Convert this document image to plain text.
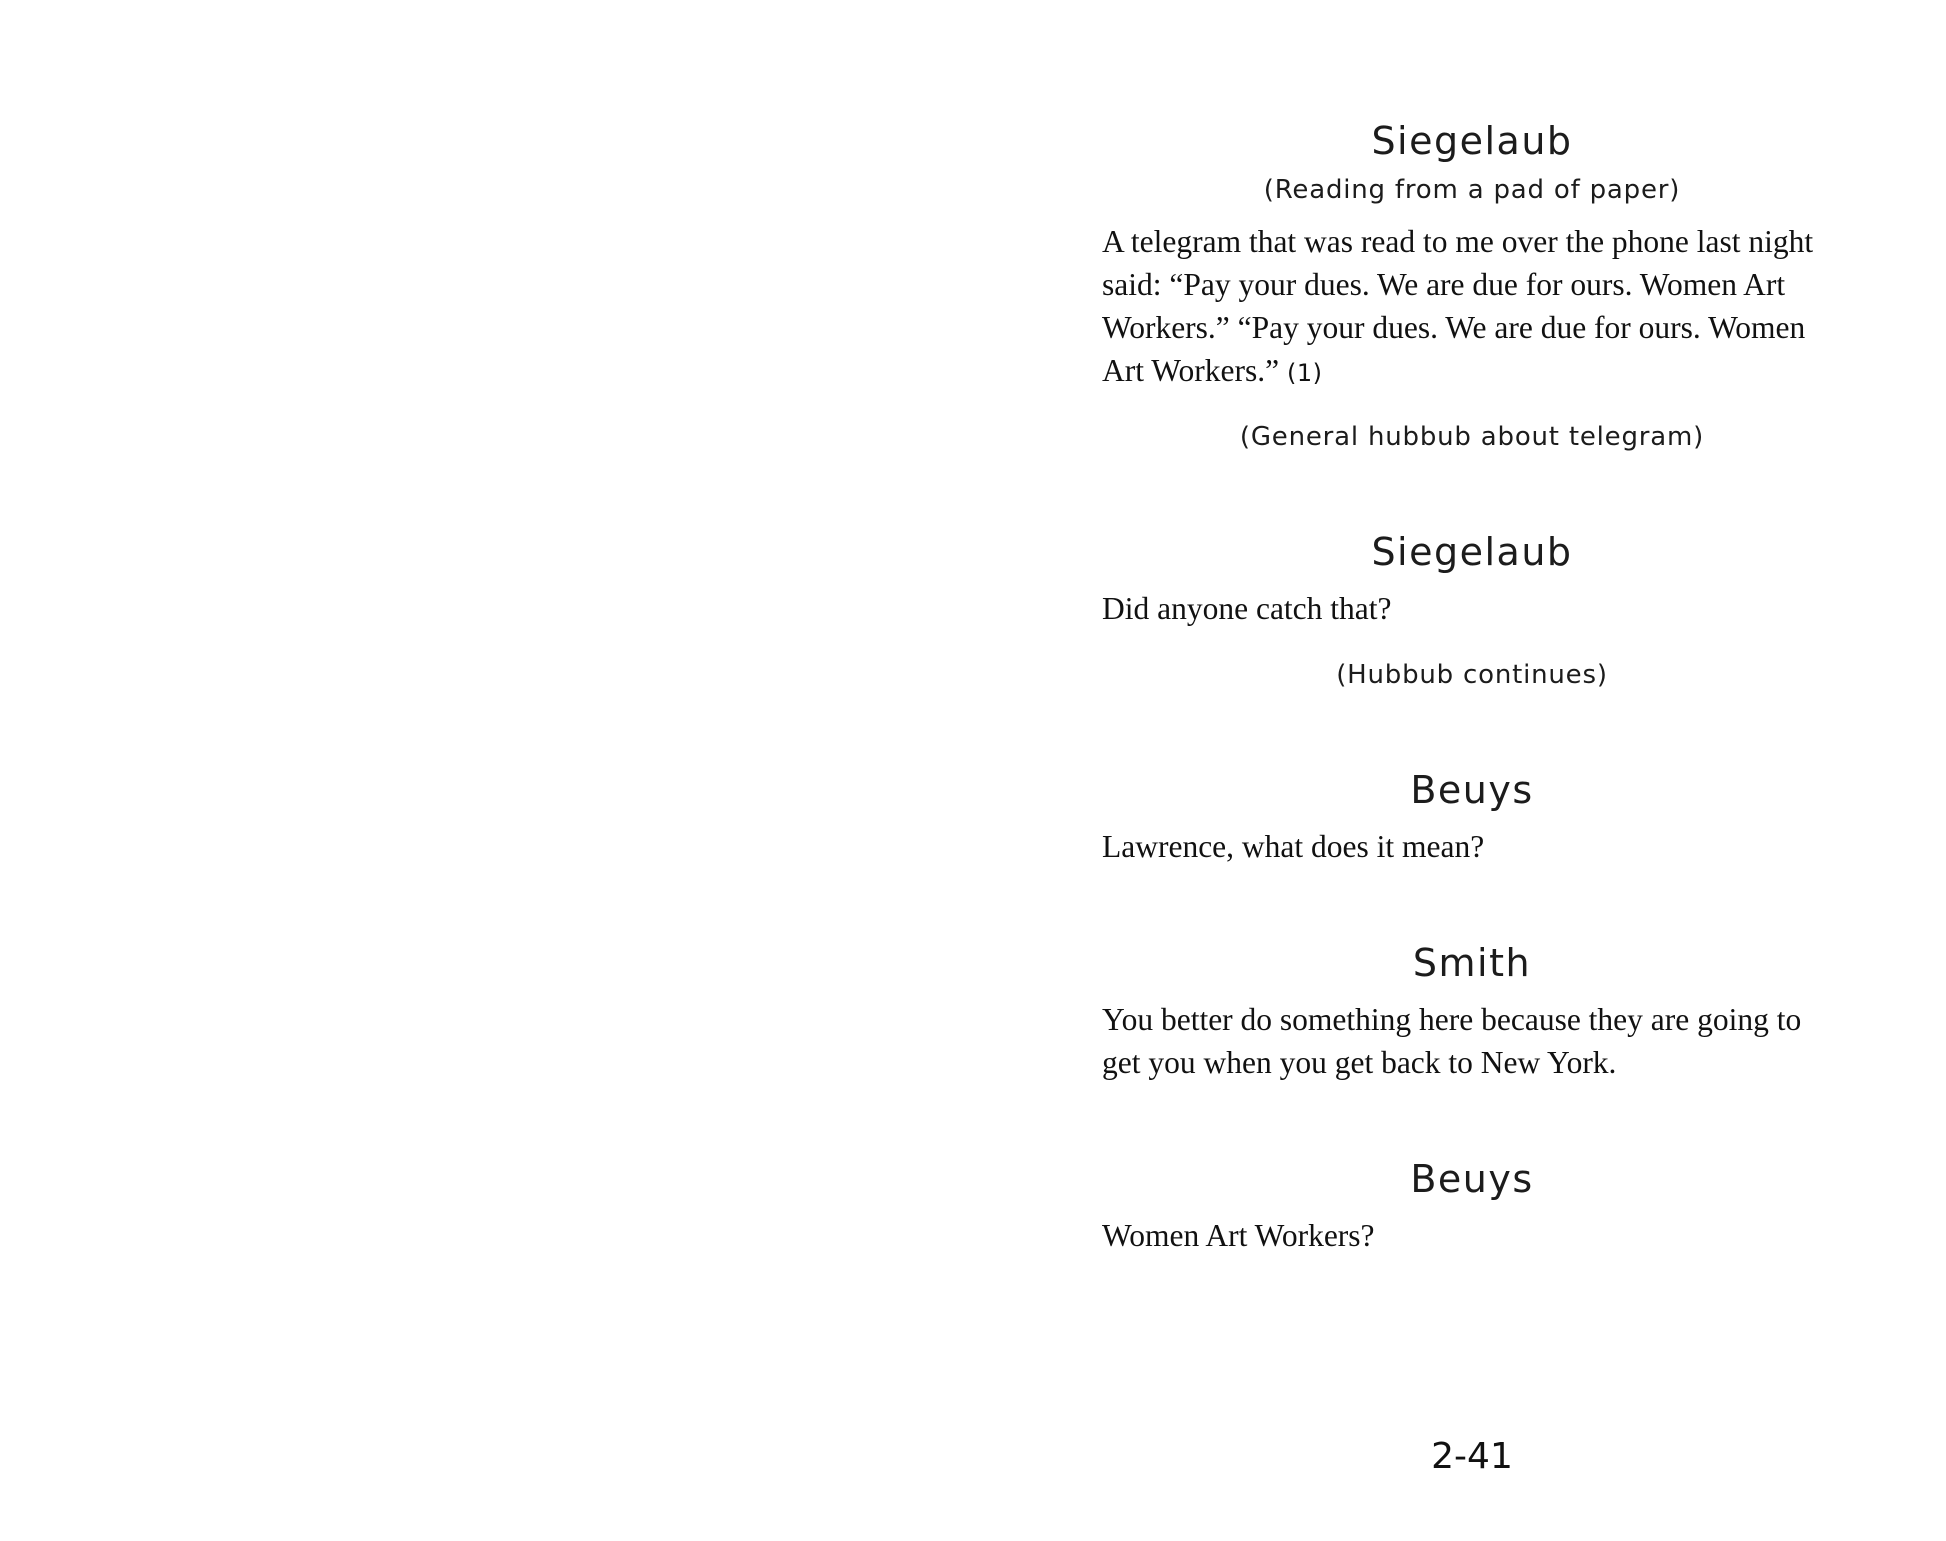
Siegelaub
(Reading from a pad of paper)
A telegram that was read to me over the phone last night said: “Pay your dues. We are due for ours. Women Art Workers.” “Pay your dues. We are due for ours. Women Art Workers.” (1)
(General hubbub about telegram)
Siegelaub
Did anyone catch that?
(Hubbub continues)
Beuys
Lawrence, what does it mean?
Smith
You better do something here because they are going to get you when you get back to New York.
Beuys
Women Art Workers?
2-41
